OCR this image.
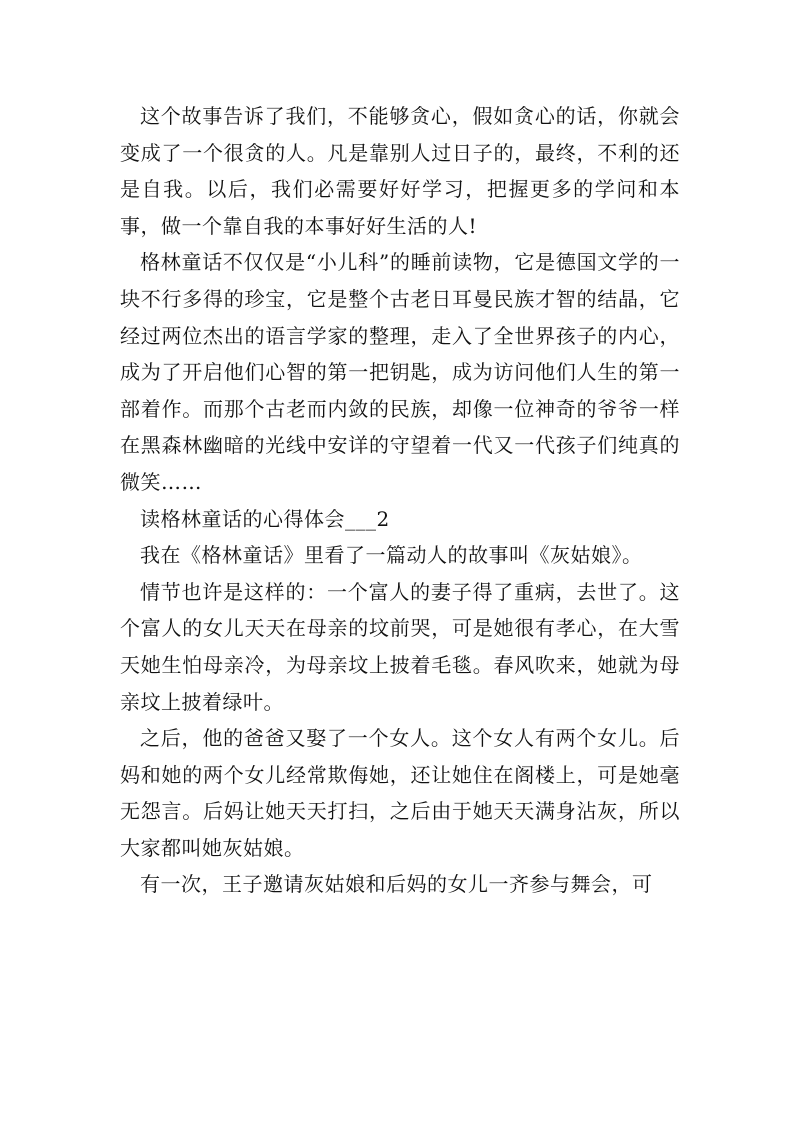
这个故事告诉了我们，不能够贪心，假如贪心的话，你就会变成了一个很贪的人。凡是靠别人过日子的，最终，不利的还是自我。以后，我们必需要好好学习，把握更多的学问和本事，做一个靠自我的本事好好生活的人!

格林童话不仅仅是“小儿科”的睡前读物，它是德国文学的一块不行多得的珍宝，它是整个古老日耳曼民族才智的结晶，它经过两位杰出的语言学家的整理，走入了全世界孩子的内心，成为了开启他们心智的第一把钥匙，成为访问他们人生的第一部着作。而那个古老而内敛的民族，却像一位神奇的爷爷一样在黑森林幽暗的光线中安详的守望着一代又一代孩子们纯真的微笑……

读格林童话的心得体会___2

我在《格林童话》里看了一篇动人的故事叫《灰姑娘》。

情节也许是这样的：一个富人的妻子得了重病，去世了。这个富人的女儿天天在母亲的坟前哭，可是她很有孝心，在大雪天她生怕母亲冷，为母亲坟上披着毛毯。春风吹来，她就为母亲坟上披着绿叶。

之后，他的爸爸又娶了一个女人。这个女人有两个女儿。后妈和她的两个女儿经常欺侮她，还让她住在阁楼上，可是她毫无怨言。后妈让她天天打扫，之后由于她天天满身沾灰，所以大家都叫她灰姑娘。

有一次，王子邀请灰姑娘和后妈的女儿一齐参与舞会，可
